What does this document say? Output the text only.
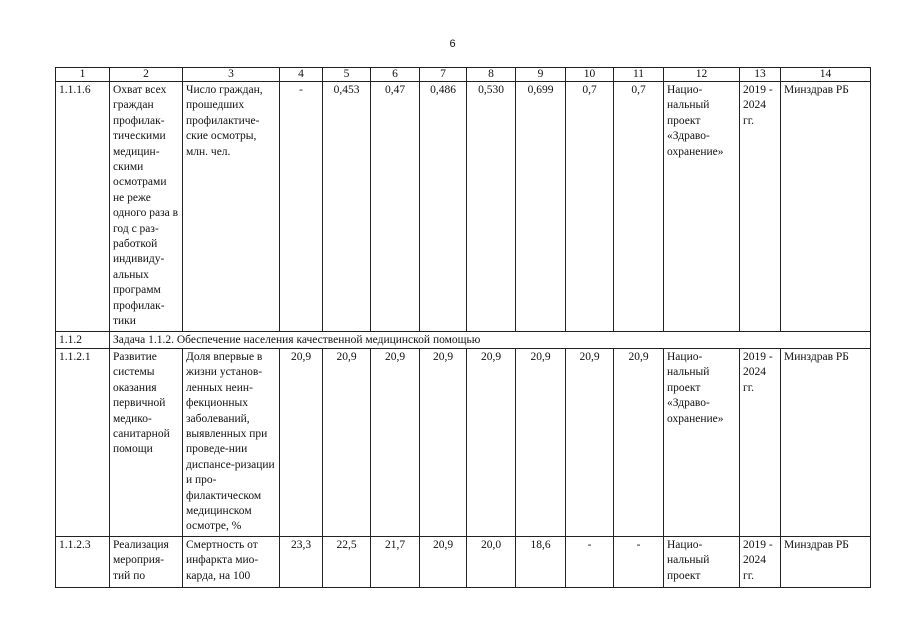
6
1	2	3	4	5	6	7	8	9	10	11	12	13	14
1.1.1.6	Охват всех граждан профилак-тическими медицин-скими осмотрами не реже одного раза в год с раз-работкой индивиду-альных программ профилак-тики	Число граждан, прошедших профилактиче-ские осмотры, млн. чел.	-	0,453	0,47	0,486	0,530	0,699	0,7	0,7	Нацио-нальный проект «Здраво-охранение»	2019 - 2024 гг.	Минздрав РБ
1.1.2	Задача 1.1.2. Обеспечение населения качественной медицинской помощью												
1.1.2.1	Развитие системы оказания первичной медико-санитарной помощи	Доля впервые в жизни установ-ленных неин-фекционных заболеваний, выявленных при проведе-нии диспансе-ризации и про-филактическом медицинском осмотре, %	20,9	20,9	20,9	20,9	20,9	20,9	20,9	20,9	Нацио-нальный проект «Здраво-охранение»	2019 - 2024 гг.	Минздрав РБ
1.1.2.3	Реализация мероприя-тий по	Смертность от инфаркта мио-карда, на 100	23,3	22,5	21,7	20,9	20,0	18,6	-	-	Нацио-нальный проект	2019 - 2024 гг.	Минздрав РБ
